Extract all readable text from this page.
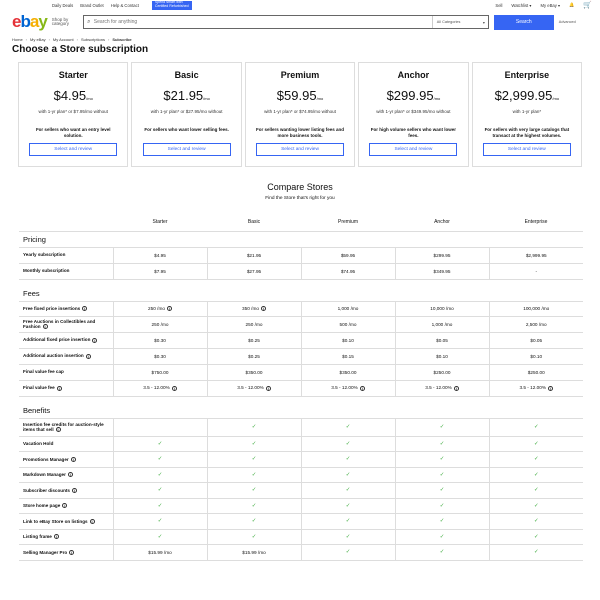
Daily Deals Brand Outlet Help & Contact
Spend smart with
Certified Refurbished	Sell Watchlist ▾ My eBay ▾ 🔔 🛒
ebay Shop by category	⌕
Search for anything	All Categories	▾	Search	Advanced
Home › My eBay › My Account › Subscriptions › Subscribe
Choose a Store subscription
Starter
$4.95/mo
with 1-yr plan* or $7.95/mo without
For sellers who want an entry level solution.
Select and review
Basic
$21.95/mo
with 1-yr plan* or $27.95/mo without
For sellers who want lower selling fees.
Select and review
Premium
$59.95/mo
with 1-yr plan* or $74.95/mo without
For sellers wanting lower listing fees and more business tools.
Select and review
Anchor
$299.95/mo
with 1-yr plan* or $349.95/mo without
For high volume sellers who want lower fees.
Select and review
Enterprise
$2,999.95/mo
with 1-yr plan*
For sellers with very large catalogs that transact at the highest volumes.
Select and review
Compare Stores
Find the Store that's right for you
	Starter	Basic	Premium	Anchor	Enterprise
Pricing					
Yearly subscription	$4.95	$21.95	$59.95	$299.95	$2,999.95
Monthly subscription	$7.95	$27.95	$74.95	$349.95	-
Fees					
Free fixed price insertions i	250 /mo i	350 /mo i	1,000 /mo	10,000 /mo	100,000 /mo
Free Auctions in Collectibles and Fashion i	250 /mo	250 /mo	500 /mo	1,000 /mo	2,500 /mo
Additional fixed price insertion i	$0.30	$0.25	$0.10	$0.05	$0.05
Additional auction insertion i	$0.30	$0.25	$0.15	$0.10	$0.10
Final value fee cap	$750.00	$350.00	$350.00	$250.00	$250.00
Final value fee i	3.5 - 12.00% i	3.5 - 12.00% i	3.5 - 12.00% i	3.5 - 12.00% i	3.5 - 12.00% i
Benefits					
Insertion fee credits for auction-style items that sell i		✓	✓	✓	✓
Vacation Hold	✓	✓	✓	✓	✓
Promotions Manager i	✓	✓	✓	✓	✓
Markdown Manager i	✓	✓	✓	✓	✓
Subscriber discounts i	✓	✓	✓	✓	✓
Store home page i	✓	✓	✓	✓	✓
Link to eBay Store on listings i	✓	✓	✓	✓	✓
Listing frame i	✓	✓	✓	✓	✓
Selling Manager Pro i	$15.99 /mo	$15.99 /mo	✓	✓	✓
